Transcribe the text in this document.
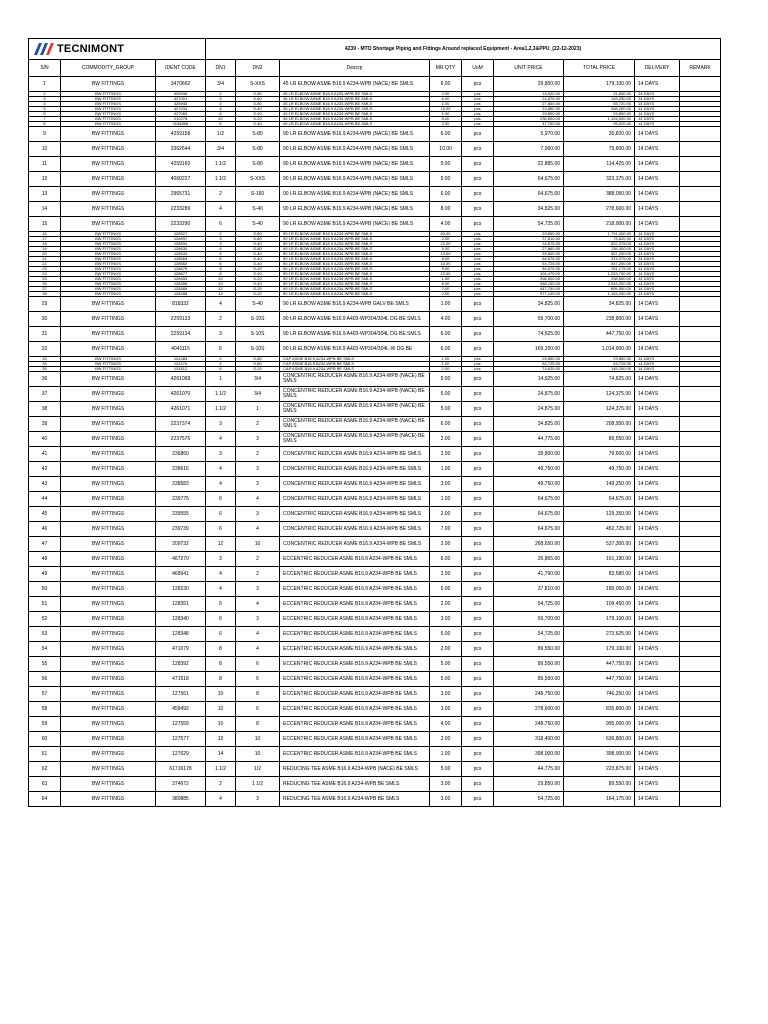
TECNIMONT			4239 - MTO Shortage Piping and Fittings Around replaced Equipment - Area1,2,3&PPU_(22-12-2023)								
S/N	COMMODITY_GROUP	IDENT CODE	DN1	DN2	Descrp	MR QTY	UoM	UNIT PRICE	TOTAL PRICE	DELIVERY	REMARK
1	BW FITTINGS	3470662	3/4	S-XXS	45 LR ELBOW ASME B16.9 A234-WPB (NACE) BE SMLS	6.00	pcs	29,850.00	179,100.00	14 DAYS	
2	BW FITTINGS	426948	2	S-80	45 LR ELBOW ASME B16.9 A234-WPB BE SMLS	2.00	pcs	15,920.00	31,840.00	14 DAYS	
3	BW FITTINGS	427001	3	S-80	45 LR ELBOW ASME B16.9 A234-WPB BE SMLS	6.00	pcs	24,875.00	149,250.00	14 DAYS	
4	BW FITTINGS	426946	4	S-80	45 LR ELBOW ASME B16.9 A234-WPB BE SMLS	2.00	pcs	27,860.00	55,720.00	14 DAYS	
5	BW FITTINGS	427033	4	S-40	45 LR ELBOW ASME B16.9 A234-WPB BE SMLS	15.00	pcs	23,880.00	358,200.00	14 DAYS	
6	BW FITTINGS	427063	6	S-40	45 LR ELBOW ASME B16.9 A234-WPB BE SMLS	1.00	pcs	29,850.00	29,850.00	14 DAYS	
7	BW FITTINGS	210278	10	S-20	45 LR ELBOW ASME B16.9 A234-WPB BE SMLS	5.00	pcs	238,800.00	1,194,000.00	14 DAYS	
8	BW FITTINGS	1194856	6	S-40	45 LR ELBOW ASME B16.9 A234-WPB BE SMLS	2.00	pcs	47,760.00	95,520.00	14 DAYS	
9	BW FITTINGS	4259158	1/2	S-80	90 LR ELBOW ASME B16.9 A234-WPB (NACE) BE SMLS	6.00	pcs	5,970.00	35,820.00	14 DAYS	
10	BW FITTINGS	3362644	3/4	S-80	90 LR ELBOW ASME B16.9 A234-WPB (NACE) BE SMLS	10.00	pcs	7,960.00	79,600.00	14 DAYS	
11	BW FITTINGS	4259160	1 1/2	S-80	90 LR ELBOW ASME B16.9 A234-WPB (NACE) BE SMLS	5.00	pcs	22,885.00	114,425.00	14 DAYS	
12	BW FITTINGS	4060227	1 1/2	S-XXS	90 LR ELBOW ASME B16.9 A234-WPB (NACE) BE SMLS	5.00	pcs	64,675.00	323,375.00	14 DAYS	
13	BW FITTINGS	2965731	2	S-160	90 LR ELBOW ASME B16.9 A234-WPB (NACE) BE SMLS	6.00	pcs	64,675.00	388,050.00	14 DAYS	
14	BW FITTINGS	2233289	4	S-40	90 LR ELBOW ASME B16.9 A234-WPB (NACE) BE SMLS	8.00	pcs	34,825.00	278,600.00	14 DAYS	
15	BW FITTINGS	2233290	6	S-40	90 LR ELBOW ASME B16.9 A234-WPB (NACE) BE SMLS	4.00	pcs	54,725.00	218,900.00	14 DAYS	
16	BW FITTINGS	128527	2	S-80	90 LR ELBOW ASME B16.9 A234-WPB BE SMLS	60.00	pcs	29,850.00	1,791,000.00	14 DAYS	
17	BW FITTINGS	128597	3	S-80	90 LR ELBOW ASME B16.9 A234-WPB BE SMLS	2.00	pcs	37,810.00	75,620.00	14 DAYS	
18	BW FITTINGS	128594	3	S-40	90 LR ELBOW ASME B16.9 A234-WPB BE SMLS	21.00	pcs	24,875.00	522,375.00	14 DAYS	
19	BW FITTINGS	128630	4	S-80	90 LR ELBOW ASME B16.9 A234-WPB BE SMLS	5.00	pcs	27,860.00	139,300.00	14 DAYS	
20	BW FITTINGS	128633	4	S-40	90 LR ELBOW ASME B16.9 A234-WPB BE SMLS	14.00	pcs	39,800.00	557,200.00	14 DAYS	
21	BW FITTINGS	128665	6	S-40	90 LR ELBOW ASME B16.9 A234-WPB BE SMLS	5.00	pcs	64,675.00	323,375.00	14 DAYS	
22	BW FITTINGS	128662	6	S-40	90 LR ELBOW ASME B16.9 A234-WPB BE SMLS	10.00	pcs	54,725.00	547,250.00	14 DAYS	
23	BW FITTINGS	128675	8	S-20	90 LR ELBOW ASME B16.9 A234-WPB BE SMLS	9.00	pcs	84,575.00	761,175.00	14 DAYS	
24	BW FITTINGS	128677	8	S-40	90 LR ELBOW ASME B16.9 A234-WPB BE SMLS	12.00	pcs	104,475.00	1,253,700.00	14 DAYS	
25	BW FITTINGS	128453	10	S-20	90 LR ELBOW ASME B16.9 A234-WPB BE SMLS	1.00	pcs	298,500.00	298,500.00	14 DAYS	
26	BW FITTINGS	128455	10	S-40	90 LR ELBOW ASME B16.9 A234-WPB BE SMLS	8.00	pcs	368,150.00	2,945,200.00	14 DAYS	
27	BW FITTINGS	128469	12	S-20	90 LR ELBOW ASME B16.9 A234-WPB BE SMLS	2.00	pcs	447,750.00	895,500.00	14 DAYS	
28	BW FITTINGS	128486	14	S-20	90 LR ELBOW ASME B16.9 A234-WPB BE SMLS	2.00	pcs	577,100.00	1,154,200.00	14 DAYS	
29	BW FITTINGS	818332	4	S-40	90 LR ELBOW ASME B16.9 A234-WPB GALV BE SMLS	1.00	pcs	34,825.00	34,825.00	14 DAYS	
30	BW FITTINGS	2259133	2	S-10S	90 LR ELBOW ASME B16.9 A403-WP304/304L DG BE SMLS	4.00	pcs	59,700.00	238,800.00	14 DAYS	
31	BW FITTINGS	2259134	3	S-10S	90 LR ELBOW ASME B16.9 A403-WP304/304L DG BE SMLS	6.00	pcs	74,625.00	447,750.00	14 DAYS	
32	BW FITTINGS	4041115	6	S-10S	90 LR ELBOW ASME B16.9 A403-WP304/304L-W DG BE	6.00	pcs	169,150.00	1,014,900.00	14 DAYS	
33	BW FITTINGS	124383	2	S-80	CAP ASME B16.9 A234-WPB BE SMLS	1.00	pcs	29,850.00	29,850.00	14 DAYS	
34	BW FITTINGS	124470	4	S-80	CAP ASME B16.9 A234-WPB BE SMLS	1.00	pcs	54,725.00	54,725.00	14 DAYS	
35	BW FITTINGS	124512	8	S-20	CAP ASME B16.9 A234-WPB BE SMLS	2.00	pcs	74,625.00	149,250.00	14 DAYS	
36	BW FITTINGS	4261068	1	3/4	CONCENTRIC REDUCER ASME B16.9 A234-WPB (NACE) BE SMLS	5.00	pcs	14,925.00	74,625.00	14 DAYS	
37	BW FITTINGS	4261070	1 1/2	3/4	CONCENTRIC REDUCER ASME B16.9 A234-WPB (NACE) BE SMLS	5.00	pcs	24,875.00	124,375.00	14 DAYS	
38	BW FITTINGS	4261071	1 1/2	1	CONCENTRIC REDUCER ASME B16.9 A234-WPB (NACE) BE SMLS	5.00	pcs	24,875.00	124,375.00	14 DAYS	
39	BW FITTINGS	2237374	3	2	CONCENTRIC REDUCER ASME B16.9 A234-WPB (NACE) BE SMLS	6.00	pcs	34,825.00	208,950.00	14 DAYS	
40	BW FITTINGS	2237576	4	3	CONCENTRIC REDUCER ASME B16.9 A234-WPB (NACE) BE SMLS	2.00	pcs	44,775.00	89,550.00	14 DAYS	
41	BW FITTINGS	236860	3	2	CONCENTRIC REDUCER ASME B16.9 A234-WPB BE SMLS	2.00	pcs	39,800.00	79,600.00	14 DAYS	
42	BW FITTINGS	238616	4	3	CONCENTRIC REDUCER ASME B16.9 A234-WPB BE SMLS	1.00	pcs	49,750.00	49,750.00	14 DAYS	
43	BW FITTINGS	238583	4	3	CONCENTRIC REDUCER ASME B16.9 A234-WPB BE SMLS	3.00	pcs	49,750.00	149,250.00	14 DAYS	
44	BW FITTINGS	239775	6	4	CONCENTRIC REDUCER ASME B16.9 A234-WPB BE SMLS	1.00	pcs	64,675.00	64,675.00	14 DAYS	
45	BW FITTINGS	239555	6	3	CONCENTRIC REDUCER ASME B16.9 A234-WPB BE SMLS	2.00	pcs	64,675.00	129,350.00	14 DAYS	
46	BW FITTINGS	239739	6	4	CONCENTRIC REDUCER ASME B16.9 A234-WPB BE SMLS	7.00	pcs	64,675.00	452,725.00	14 DAYS	
47	BW FITTINGS	209732	12	10	CONCENTRIC REDUCER ASME B16.9 A234-WPB BE SMLS	2.00	pcs	268,650.00	537,300.00	14 DAYS	
48	BW FITTINGS	467270	3	2	ECCENTRIC REDUCER ASME B16.9 A234-WPB BE SMLS	6.00	pcs	26,865.00	161,190.00	14 DAYS	
49	BW FITTINGS	468941	4	2	ECCENTRIC REDUCER ASME B16.9 A234-WPB BE SMLS	2.00	pcs	41,790.00	83,580.00	14 DAYS	
50	BW FITTINGS	128230	4	3	ECCENTRIC REDUCER ASME B16.9 A234-WPB BE SMLS	5.00	pcs	37,810.00	189,050.00	14 DAYS	
51	BW FITTINGS	128351	6	4	ECCENTRIC REDUCER ASME B16.9 A234-WPB BE SMLS	2.00	pcs	54,725.00	109,450.00	14 DAYS	
52	BW FITTINGS	128340	6	3	ECCENTRIC REDUCER ASME B16.9 A234-WPB BE SMLS	3.00	pcs	59,700.00	179,100.00	14 DAYS	
53	BW FITTINGS	128348	6	4	ECCENTRIC REDUCER ASME B16.9 A234-WPB BE SMLS	5.00	pcs	54,725.00	273,625.00	14 DAYS	
54	BW FITTINGS	471079	8	4	ECCENTRIC REDUCER ASME B16.9 A234-WPB BE SMLS	2.00	pcs	89,550.00	179,100.00	14 DAYS	
55	BW FITTINGS	128392	8	6	ECCENTRIC REDUCER ASME B16.9 A234-WPB BE SMLS	5.00	pcs	89,550.00	447,750.00	14 DAYS	
56	BW FITTINGS	471518	8	6	ECCENTRIC REDUCER ASME B16.9 A234-WPB BE SMLS	5.00	pcs	89,550.00	447,750.00	14 DAYS	
57	BW FITTINGS	127561	10	8	ECCENTRIC REDUCER ASME B16.9 A234-WPB BE SMLS	3.00	pcs	248,750.00	746,250.00	14 DAYS	
58	BW FITTINGS	458492	10	6	ECCENTRIC REDUCER ASME B16.9 A234-WPB BE SMLS	3.00	pcs	278,600.00	835,800.00	14 DAYS	
59	BW FITTINGS	127559	10	8	ECCENTRIC REDUCER ASME B16.9 A234-WPB BE SMLS	4.00	pcs	248,750.00	995,000.00	14 DAYS	
60	BW FITTINGS	127577	12	10	ECCENTRIC REDUCER ASME B16.9 A234-WPB BE SMLS	2.00	pcs	318,400.00	636,800.00	14 DAYS	
61	BW FITTINGS	127629	14	10	ECCENTRIC REDUCER ASME B16.9 A234-WPB BE SMLS	1.00	pcs	398,000.00	398,000.00	14 DAYS	
62	BW FITTINGS	61716178	1 1/2	1/2	REDUCING TEE ASME B16.9 A234-WPB (NACE) BE SMLS	5.00	pcs	44,775.00	223,875.00	14 DAYS	
63	BW FITTINGS	374672	2	1 1/2	REDUCING TEE ASME B16.9 A234-WPB BE SMLS	3.00	pcs	29,850.00	89,550.00	14 DAYS	
64	BW FITTINGS	380885	4	3	REDUCING TEE ASME B16.9 A234-WPB BE SMLS	3.00	pcs	54,725.00	164,175.00	14 DAYS	
